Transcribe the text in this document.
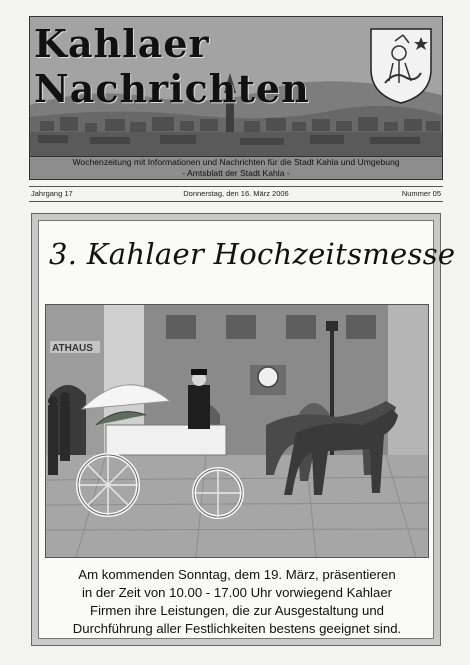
Kahlaer Nachrichten
Wochenzeitung mit Informationen und Nachrichten für die Stadt Kahla und Umgebung
- Amtsblatt der Stadt Kahla -
Jahrgang 17	Donnerstag, den 16. März 2006	Nummer 05
3. Kahlaer Hochzeitsmesse
ATHAUS

Am kommenden Sonntag, dem 19. März, präsentieren
in der Zeit von 10.00 - 17.00 Uhr vorwiegend Kahlaer
Firmen ihre Leistungen, die zur Ausgestaltung und
Durchführung aller Festlichkeiten bestens geeignet sind.
